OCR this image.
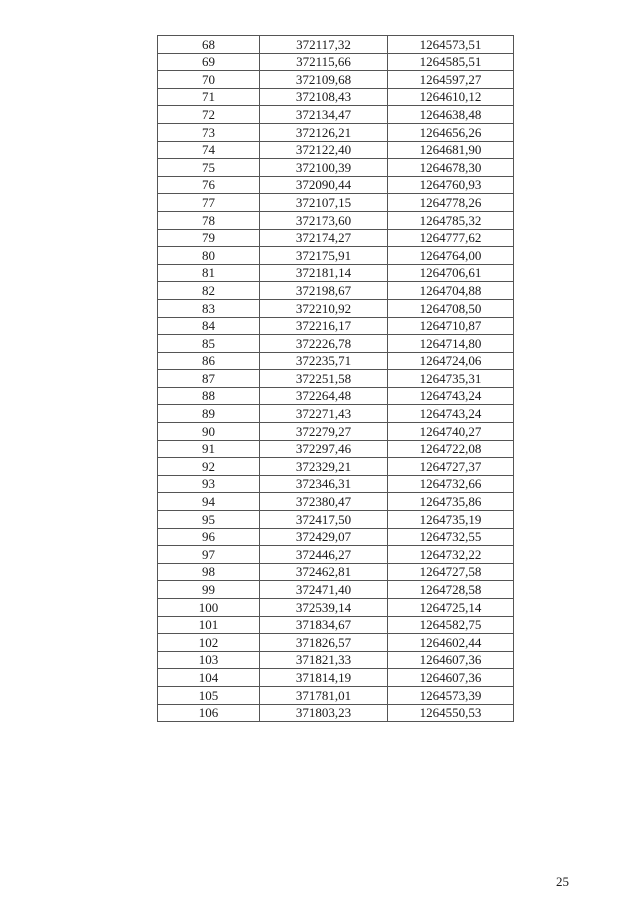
68	372117,32	1264573,51
69	372115,66	1264585,51
70	372109,68	1264597,27
71	372108,43	1264610,12
72	372134,47	1264638,48
73	372126,21	1264656,26
74	372122,40	1264681,90
75	372100,39	1264678,30
76	372090,44	1264760,93
77	372107,15	1264778,26
78	372173,60	1264785,32
79	372174,27	1264777,62
80	372175,91	1264764,00
81	372181,14	1264706,61
82	372198,67	1264704,88
83	372210,92	1264708,50
84	372216,17	1264710,87
85	372226,78	1264714,80
86	372235,71	1264724,06
87	372251,58	1264735,31
88	372264,48	1264743,24
89	372271,43	1264743,24
90	372279,27	1264740,27
91	372297,46	1264722,08
92	372329,21	1264727,37
93	372346,31	1264732,66
94	372380,47	1264735,86
95	372417,50	1264735,19
96	372429,07	1264732,55
97	372446,27	1264732,22
98	372462,81	1264727,58
99	372471,40	1264728,58
100	372539,14	1264725,14
101	371834,67	1264582,75
102	371826,57	1264602,44
103	371821,33	1264607,36
104	371814,19	1264607,36
105	371781,01	1264573,39
106	371803,23	1264550,53
25
